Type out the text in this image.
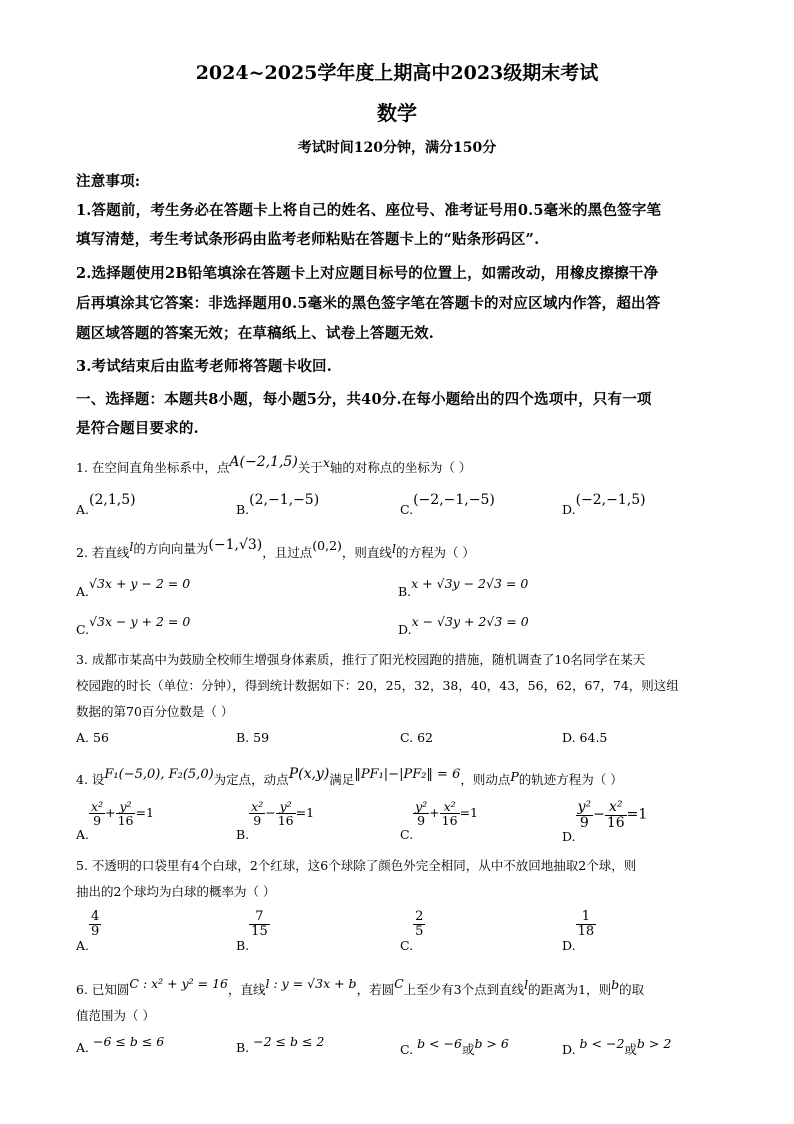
2024~2025学年度上期高中2023级期末考试
数学
考试时间120分钟，满分150分
注意事项:
1.答题前，考生务必在答题卡上将自己的姓名、座位号、准考证号用0.5毫米的黑色签字笔
填写清楚，考生考试条形码由监考老师粘贴在答题卡上的“贴条形码区”.
2.选择题使用2B铅笔填涂在答题卡上对应题目标号的位置上，如需改动，用橡皮擦擦干净
后再填涂其它答案：非选择题用0.5毫米的黑色签字笔在答题卡的对应区域内作答，超出答
题区域答题的答案无效；在草稿纸上、试卷上答题无效.
3.考试结束后由监考老师将答题卡收回.
一、选择题：本题共8小题，每小题5分，共40分.在每小题给出的四个选项中，只有一项
是符合题目要求的.
1. 在空间直角坐标系中，点A(−2,1,5)关于x轴的对称点的坐标为（ ）
A.(2,1,5)
B.(2,−1,−5)
C.(−2,−1,−5)
D.(−2,−1,5)
2. 若直线l的方向向量为(−1,√3)，且过点(0,2)，则直线l的方程为（ ）
A.√3x + y − 2 = 0
B.x + √3y − 2√3 = 0
C.√3x − y + 2 = 0
D.x − √3y + 2√3 = 0
3. 成都市某高中为鼓励全校师生增强身体素质，推行了阳光校园跑的措施，随机调查了10名同学在某天
校园跑的时长（单位：分钟），得到统计数据如下：20，25，32，38，40，43，56，62，67，74，则这组
数据的第70百分位数是（ ）
A. 56	B. 59	C. 62	D. 64.5
4. 设F₁(−5,0), F₂(5,0)为定点，动点P(x,y)满足‖PF₁|−|PF₂‖ = 6，则动点P的轨迹方程为（ ）
A.
$\frac{\text{x²}}{9} + \frac{\text{y²}}{16} =1$
B.
$\frac{\text{x²}}{9} - \frac{\text{y²}}{16} =1$
C.
$\frac{\text{y²}}{9} + \frac{\text{x²}}{16} =1$
D.
$\frac{\text{y²}}{9} - \frac{\text{x²}}{16} =1$
5. 不透明的口袋里有4个白球，2个红球，这6个球除了颜色外完全相同，从中不放回地抽取2个球，则
抽出的2个球均为白球的概率为（ ）
A.
$\frac{4}{9}$
B.
$\frac{7}{15}$
C.
$\frac{2}{5}$
D.
$\frac{1}{18}$
6. 已知圆C : x² + y² = 16，直线l : y = √3x + b，若圆C上至少有3个点到直线l的距离为1，则b的取
值范围为（ ）
A. −6 ≤ b ≤ 6	B. −2 ≤ b ≤ 2
C. b < −6或b > 6	D. b < −2或b > 2
